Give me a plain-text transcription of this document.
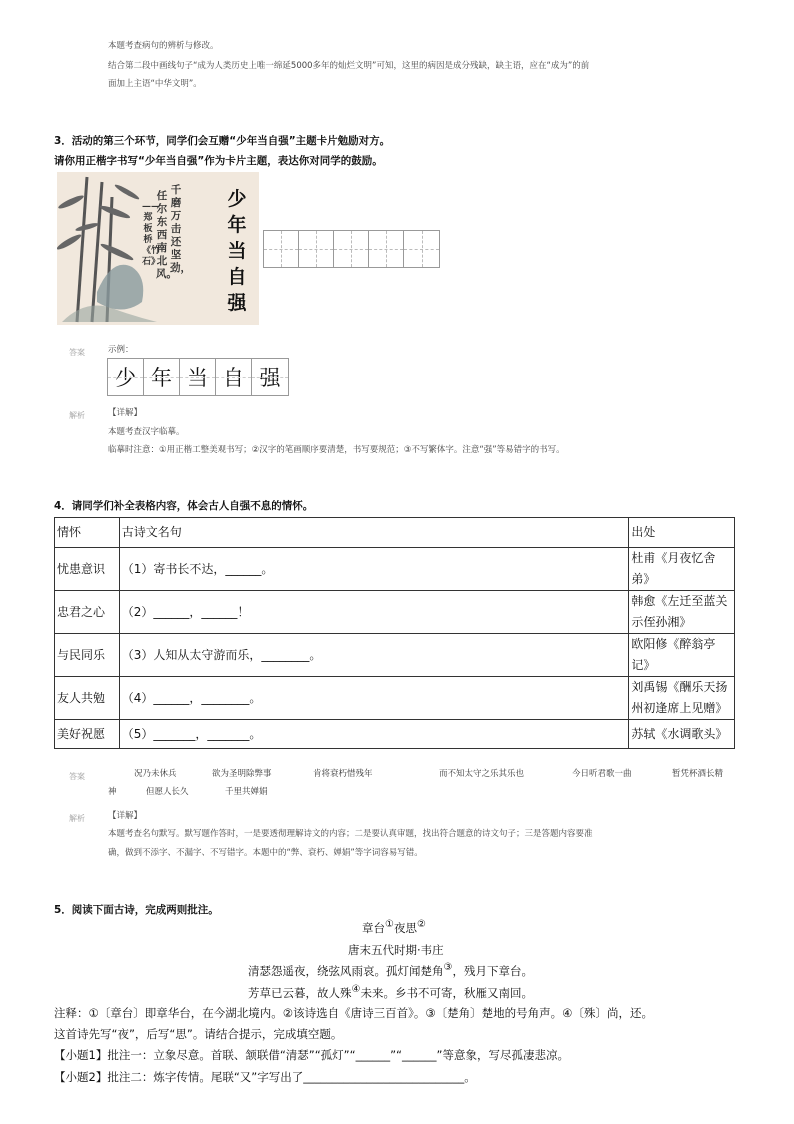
本题考查病句的辨析与修改。
结合第二段中画线句子“成为人类历史上唯一绵延5000多年的灿烂文明”可知，这里的病因是成分残缺，缺主语，应在“成为”的前
面加上主语“中华文明”。
3．活动的第三个环节，同学们会互赠“少年当自强”主题卡片勉励对方。
请你用正楷字书写“少年当自强”作为卡片主题，表达你对同学的鼓励。
千磨万击还坚劲，
任尔东西南北风。
——郑板桥《竹石》
少年当自强
答案	示例：
少 年 当 自 强
解析	【详解】
本题考查汉字临摹。
临摹时注意：①用正楷工整美观书写；②汉字的笔画顺序要清楚，书写要规范；③不写繁体字。注意“强”等易错字的书写。
4．请同学们补全表格内容，体会古人自强不息的情怀。
情怀	古诗文名句	出处
忧患意识	（1）寄书长不达，______。	杜甫《月夜忆舍弟》
忠君之心	（2）______，______！	韩愈《左迁至蓝关示侄孙湘》
与民同乐	（3）人知从太守游而乐，________。	欧阳修《醉翁亭记》
友人共勉	（4）______，________。	刘禹锡《酬乐天扬州初逢席上见赠》
美好祝愿	（5）_______，_______。	苏轼《水调歌头》
答案	况乃未休兵	欲为圣明除弊事	肯将衰朽惜残年	而不知太守之乐其乐也	今日听君歌一曲	暂凭杯酒长精
神	但愿人长久	千里共婵娟
解析	【详解】
本题考查名句默写。默写题作答时，一是要透彻理解诗文的内容；二是要认真审题，找出符合题意的诗文句子；三是答题内容要准
确，做到不添字、不漏字、不写错字。本题中的“弊、衰朽、婵娟”等字词容易写错。
5．阅读下面古诗，完成两则批注。
章台①夜思②
唐末五代时期·韦庄
清瑟怨遥夜，绕弦风雨哀。孤灯闻楚角③，残月下章台。
芳草已云暮，故人殊④未来。乡书不可寄，秋雁又南回。
注释：①〔章台〕即章华台，在今湖北境内。②该诗选自《唐诗三百首》。③〔楚角〕楚地的号角声。④〔殊〕尚，还。
这首诗先写“夜”，后写“思”。请结合提示，完成填空题。
【小题1】批注一：立象尽意。首联、颔联借“清瑟”“孤灯”“______”“______”等意象，写尽孤凄悲凉。
【小题2】批注二：炼字传情。尾联“又”字写出了____________________________。
